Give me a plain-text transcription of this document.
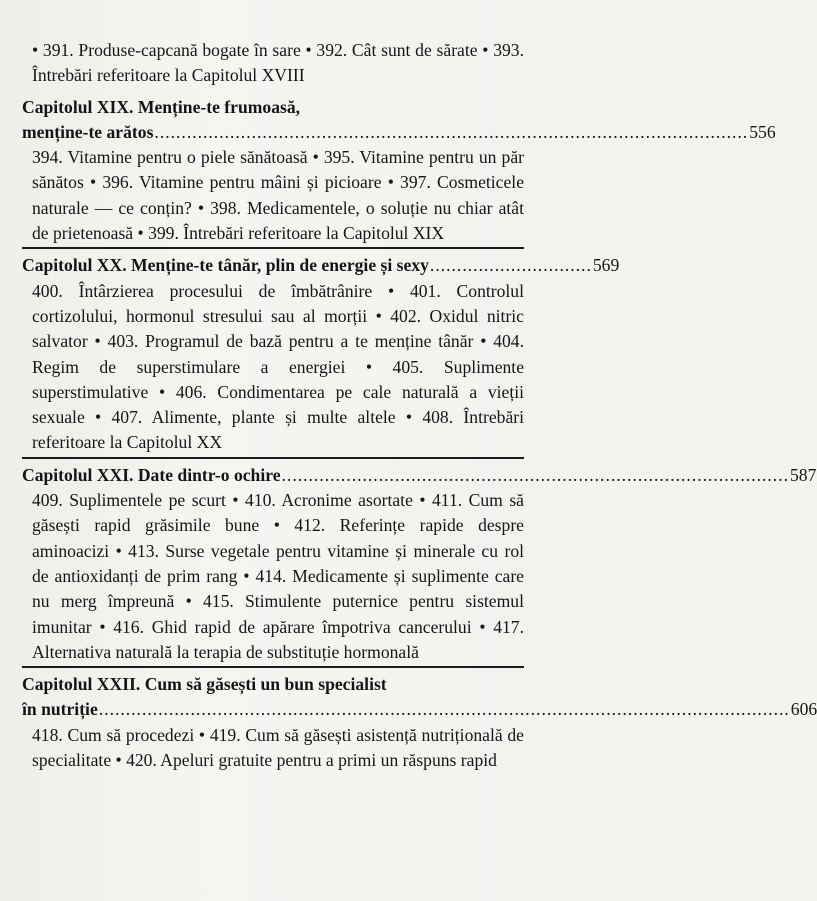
• 391. Produse-capcană bogate în sare • 392. Cât sunt de sărate • 393. Întrebări referitoare la Capitolul XVIII

Capitolul XIX. Menține-te frumoasă,

menține-te arătos .............................................................................................................. 556

394. Vitamine pentru o piele sănătoasă • 395. Vitamine pentru un păr sănătos • 396. Vitamine pentru mâini și picioare • 397. Cosmeticele naturale — ce conțin? • 398. Medicamentele, o soluție nu chiar atât de prietenoasă • 399. Întrebări referitoare la Capitolul XIX

Capitolul XX. Menține-te tânăr, plin de energie și sexy .............................. 569

400. Întârzierea procesului de îmbătrânire • 401. Controlul cortizolului, hormonul stresului sau al morții • 402. Oxidul nitric salvator • 403. Programul de bază pentru a te menține tânăr • 404. Regim de superstimulare a energiei • 405. Suplimente superstimulative • 406. Condimentarea pe cale naturală a vieții sexuale • 407. Alimente, plante și multe altele • 408. Întrebări referitoare la Capitolul XX

Capitolul XXI. Date dintr-o ochire .............................................................................................. 587

409. Suplimentele pe scurt • 410. Acronime asortate • 411. Cum să găsești rapid grăsimile bune • 412. Referințe rapide despre aminoacizi • 413. Surse vegetale pentru vitamine și minerale cu rol de antioxidanți de prim rang • 414. Medicamente și suplimente care nu merg împreună • 415. Stimulente puternice pentru sistemul imunitar • 416. Ghid rapid de apărare împotriva cancerului • 417. Alternativa naturală la terapia de substituție hormonală

Capitolul XXII. Cum să găsești un bun specialist

în nutriție ................................................................................................................................ 606

418. Cum să procedezi • 419. Cum să găsești asistență nutrițională de specialitate • 420. Apeluri gratuite pentru a primi un răspuns rapid
